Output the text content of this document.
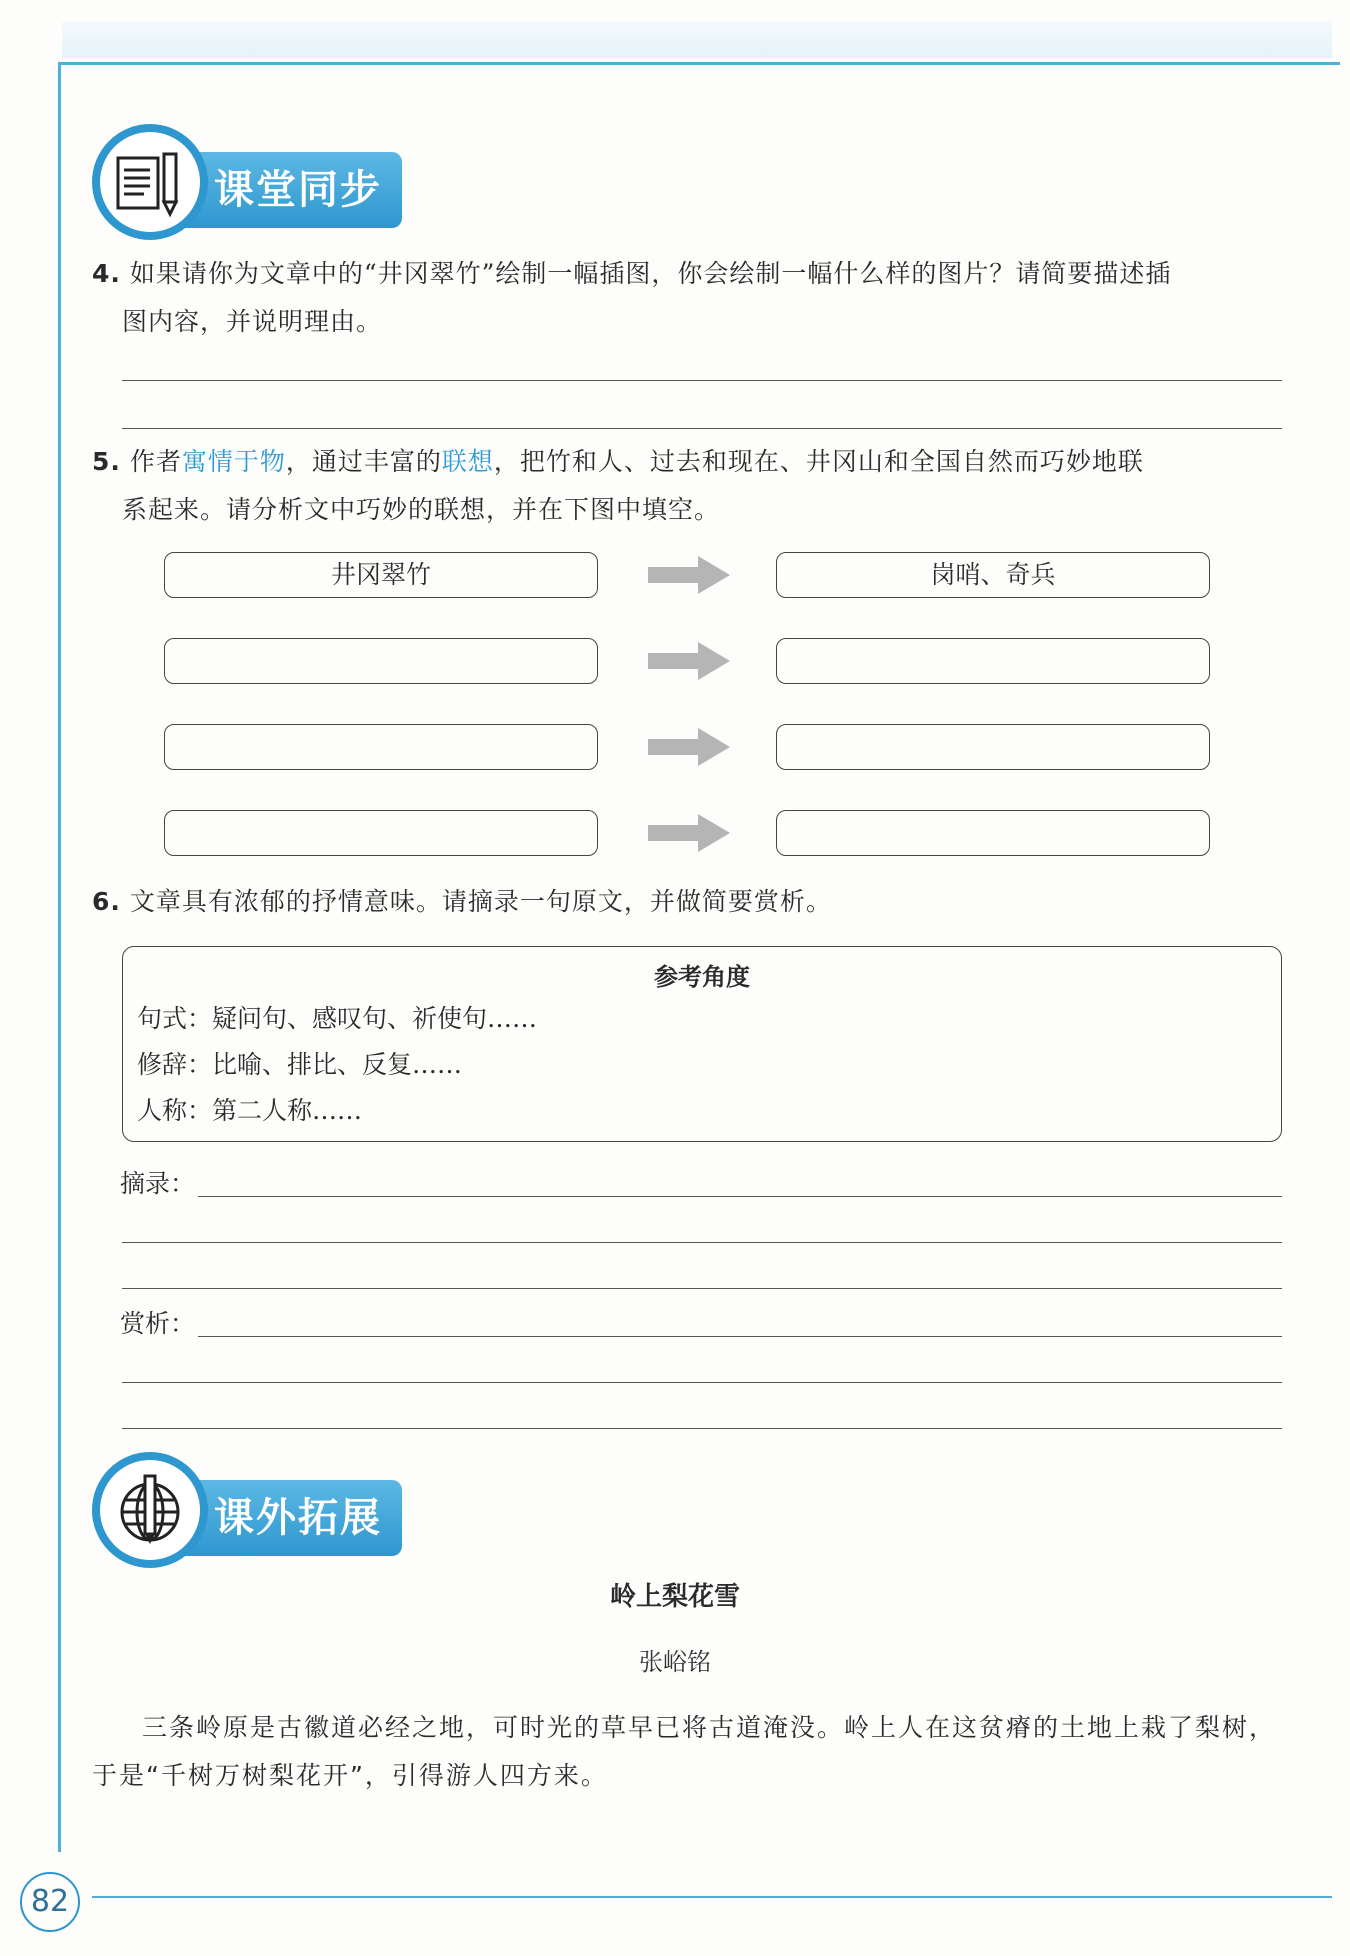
课堂同步
4. 如果请你为文章中的“井冈翠竹”绘制一幅插图，你会绘制一幅什么样的图片？请简要描述插
图内容，并说明理由。
5. 作者寓情于物，通过丰富的联想，把竹和人、过去和现在、井冈山和全国自然而巧妙地联
系起来。请分析文中巧妙的联想，并在下图中填空。
井冈翠竹	岗哨、奇兵
6. 文章具有浓郁的抒情意味。请摘录一句原文，并做简要赏析。
参考角度
句式：疑问句、感叹句、祈使句……
修辞：比喻、排比、反复……
人称：第二人称……
摘录：
赏析：
课外拓展
岭上梨花雪
张峪铭
三条岭原是古徽道必经之地，可时光的草早已将古道淹没。岭上人在这贫瘠的土地上栽了梨树，于是“千树万树梨花开”，引得游人四方来。
82
